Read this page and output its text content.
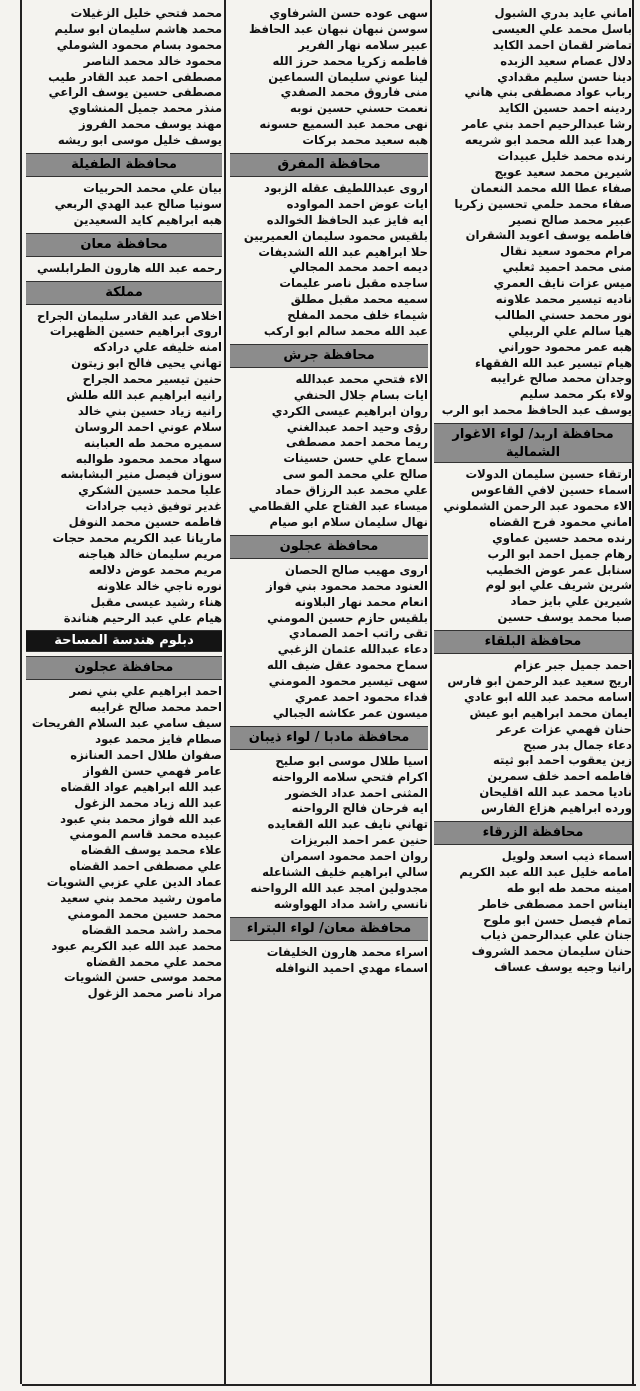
اماني عايد بدري الشبول
باسل محمد علي العيسى
تماضر لقمان احمد الكايد
دلال عصام سعيد الزبده
دينا حسن سليم مقدادي
رباب عواد مصطفى بني هاني
ردينه احمد حسين الكايد
رشا عبدالرحيم احمد بني عامر
رهدا عبد الله محمد ابو شريعه
رنده محمد خليل عبيدات
شيرين محمد سعيد عويج
صفاء عطا الله محمد النعمان
صفاء محمد حلمي تحسين زكريا
عبير محمد صالح نصير
فاطمه يوسف اعويد الشقران
مرام محمود سعيد نقال
منى محمد احميد ثعلبي
ميس عزات نايف العمري
ناديه تيسير محمد علاونه
نور محمد حسني الطالب
هيا سالم علي الربيلي
هبه عمر محمود حوراني
هيام تيسير عبد الله الفقهاء
وجدان محمد صالح غرايبه
ولاء بكر محمد سليم
يوسف عبد الحافظ محمد ابو الرب
محافظة اربد/ لواء الاغوار الشمالية
ارتقاء حسين سليمان الدولات
اسماء حسين لافي القاعوس
الاء محمود عبد الرحمن الشملوني
اماني محمود فرح القضاه
رنده محمد حسين عماوي
رهام جميل احمد ابو الرب
سنابل عمر عوض الخطيب
شرين شريف علي ابو لوم
شيرين علي بايز حماد
صبا محمد يوسف حسين
محافظة البلقاء
احمد جميل جبر عزام
اريج سعيد عبد الرحمن ابو فارس
اسامه محمد عبد الله ابو عادي
ايمان محمد ابراهيم ابو عيش
حنان فهمي عزات عرعر
دعاء جمال بدر صبح
زين يعقوب احمد ابو ثيته
فاطمه احمد خلف سمرين
ناديا محمد عبد الله اقليحان
ورده ابراهيم هزاع الفارس
محافظة الزرقاء
اسماء ذيب اسعد ولويل
امامه خليل عبد الله عبد الكريم
امينه محمد طه ابو طه
ايناس احمد مصطفى خاطر
تمام فيصل حسن ابو ملوح
جنان علي عبدالرحمن ذياب
حنان سليمان محمد الشروف
رانيا وجيه يوسف عساف
سهى عوده حسن الشرفاوي
سوسن نبهان نبهان عبد الحافظ
عبير سلامه نهار الفرير
فاطمه زكريا محمد حرز الله
لينا عوني سليمان السماعين
منى فاروق محمد الصفدي
نعمت حسني حسين نوبه
نهى محمد عبد السميع حسونه
هبه سعيد محمد بركات
محافظة المفرق
اروى عبداللطيف عقله الزبود
ايات عوض احمد المواوده
ايه فايز عبد الحافظ الخوالده
بلقيس محمود سليمان العميريين
حلا ابراهيم عبد الله الشديفات
ديمه احمد محمد المجالي
ساجده مقبل ناصر عليمات
سميه محمد مقبل مطلق
شيماء خلف محمد المفلح
عبد الله محمد سالم ابو اركب
محافظة جرش
الاء فتحي محمد عبدالله
ايات بسام جلال الحنفي
روان ابراهيم عيسى الكردي
رؤى وحيد احمد عبدالغني
ريما محمد احمد مصطفى
سماح علي حسن حسينات
صالح علي محمد المو سى
علي محمد عبد الرزاق حماد
ميساء عبد الفتاح علي القطامي
نهال سليمان سلام ابو صيام
محافظة عجلون
اروى مهيب صالح الحصان
العنود محمد محمود بني فواز
انعام محمد نهار البلاونه
بلقيس حازم حسين المومني
تقى راتب احمد الصمادي
دعاء عبدالله عثمان الزغبي
سماح محمود عقل ضيف الله
سهى تيسير محمود المومني
فداء محمود احمد عمري
ميسون عمر عكاشه الجبالي
محافظة مادبا / لواء ذيبان
اسيا طلال موسى ابو صليح
اكرام فتحي سلامه الرواحنه
المثنى احمد عداد الخضور
ايه فرحان فالح الرواحنه
تهاني نايف عبد الله القعايده
حنين عمر احمد البريزات
روان احمد محمود اسمران
سالي ابراهيم خليف الشناعله
مجدولين امجد عبد الله الرواحنه
نانسي راشد مداد الهواوشه
محافظة معان/ لواء البتراء
اسراء محمد هارون الخليفات
اسماء مهدي احميد النوافله
محمد فتحي خليل الزغيلات
محمد هاشم سليمان ابو سليم
محمود بسام محمود الشوملي
محمود خالد محمد الناصر
مصطفى احمد عبد القادر طيب
مصطفى حسين يوسف الراعي
منذر محمد جميل المنشاوي
مهند يوسف محمد الفروز
يوسف خليل موسى ابو ريشه
محافظة الطفيلة
بيان علي محمد الحربيات
سونيا صالح عبد الهدي الربعي
هبه ابراهيم كايد السعيدين
محافظة معان
رحمه عبد الله هارون الطرابلسي
مملكة
اخلاص عبد القادر سليمان الجراح
اروى ابراهيم حسين الظهيرات
امنه خليفه علي درادكه
تهاني يحيى فالح ابو زيتون
حنين تيسير محمد الجراح
رانيه ابراهيم عبد الله طلش
رانيه زياد حسين بني خالد
سلام عوني احمد الروسان
سميره محمد طه العبابنه
سهاد محمد محمود طوالبه
سوزان فيصل منير البشابشه
عليا محمد حسين الشكري
غدير توفيق ذيب جرادات
فاطمه حسين محمد النوفل
ماريانا عبد الكريم محمد حجات
مريم سليمان خالد هياجنه
مريم محمد عوض دلالعه
نوره ناجي خالد علاونه
هناء رشيد عيسى مقبل
هيام علي عبد الرحيم هناندة
دبلوم هندسة المساحة
محافظة عجلون
احمد ابراهيم علي بني نصر
احمد محمد صالح غرايبه
سيف سامي عبد السلام الفريحات
صطام فايز محمد عبود
صفوان طلال احمد العنانزه
عامر فهمي حسن الفواز
عبد الله ابراهيم عواد القضاه
عبد الله زياد محمد الزغول
عبد الله فواز محمد بني عبود
عبيده محمد قاسم المومني
علاء محمد يوسف القضاه
علي مصطفى احمد القضاه
عماد الدين علي عزبي الشويات
مامون رشيد محمد بني سعيد
محمد حسين محمد المومني
محمد راشد محمد القضاه
محمد عبد الله عبد الكريم عبود
محمد علي محمد القضاه
محمد موسى حسن الشويات
مراد ناصر محمد الزغول
